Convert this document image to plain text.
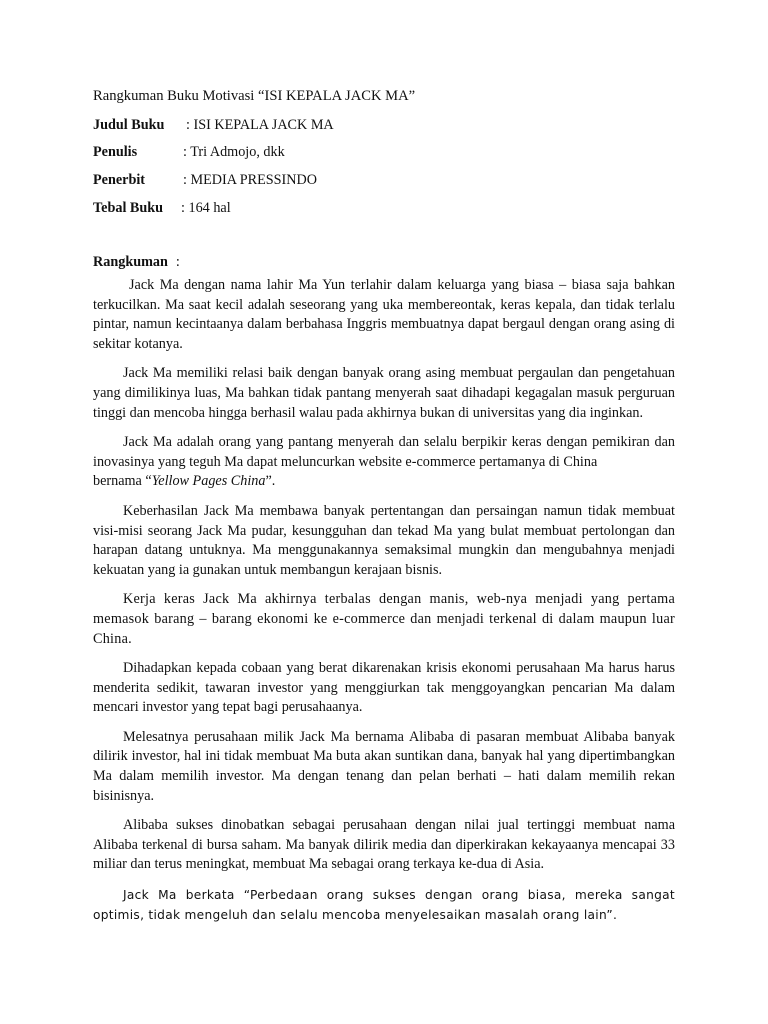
Rangkuman Buku Motivasi “ISI KEPALA JACK MA”
Judul Buku : ISI KEPALA JACK MA
Penulis	: Tri Admojo, dkk
Penerbit	: MEDIA PRESSINDO
Tebal Buku : 164 hal
Rangkuman :

Jack Ma dengan nama lahir Ma Yun terlahir dalam keluarga yang biasa – biasa saja bahkan terkucilkan. Ma saat kecil adalah seseorang yang uka membereontak, keras kepala, dan tidak terlalu pintar, namun kecintaanya dalam berbahasa Inggris membuatnya dapat bergaul dengan orang asing di sekitar kotanya.

Jack Ma memiliki relasi baik dengan banyak orang asing membuat pergaulan dan pengetahuan yang dimilikinya luas, Ma bahkan tidak pantang menyerah saat dihadapi kegagalan masuk perguruan tinggi dan mencoba hingga berhasil walau pada akhirnya bukan di universitas yang dia inginkan.

Jack Ma adalah orang yang pantang menyerah dan selalu berpikir keras dengan pemikiran dan inovasinya yang teguh Ma dapat meluncurkan website e-commerce pertamanya di China
bernama “Yellow Pages China”.

Keberhasilan Jack Ma membawa banyak pertentangan dan persaingan namun tidak membuat visi-misi seorang Jack Ma pudar, kesungguhan dan tekad Ma yang bulat membuat pertolongan dan harapan datang untuknya. Ma menggunakannya semaksimal mungkin dan mengubahnya menjadi kekuatan yang ia gunakan untuk membangun kerajaan bisnis.

Kerja keras Jack Ma akhirnya terbalas dengan manis, web-nya menjadi yang pertama memasok barang – barang ekonomi ke e-commerce dan menjadi terkenal di dalam maupun luar China.

Dihadapkan kepada cobaan yang berat dikarenakan krisis ekonomi perusahaan Ma harus harus menderita sedikit, tawaran investor yang menggiurkan tak menggoyangkan pencarian Ma dalam mencari investor yang tepat bagi perusahaanya.

Melesatnya perusahaan milik Jack Ma bernama Alibaba di pasaran membuat Alibaba banyak dilirik investor, hal ini tidak membuat Ma buta akan suntikan dana, banyak hal yang dipertimbangkan Ma dalam memilih investor. Ma dengan tenang dan pelan berhati – hati dalam memilih rekan bisinisnya.

Alibaba sukses dinobatkan sebagai perusahaan dengan nilai jual tertinggi membuat nama Alibaba terkenal di bursa saham. Ma banyak dilirik media dan diperkirakan kekayaanya mencapai 33 miliar dan terus meningkat, membuat Ma sebagai orang terkaya ke-dua di Asia.

Jack Ma berkata “Perbedaan orang sukses dengan orang biasa, mereka sangat optimis, tidak mengeluh dan selalu mencoba menyelesaikan masalah orang lain”.
